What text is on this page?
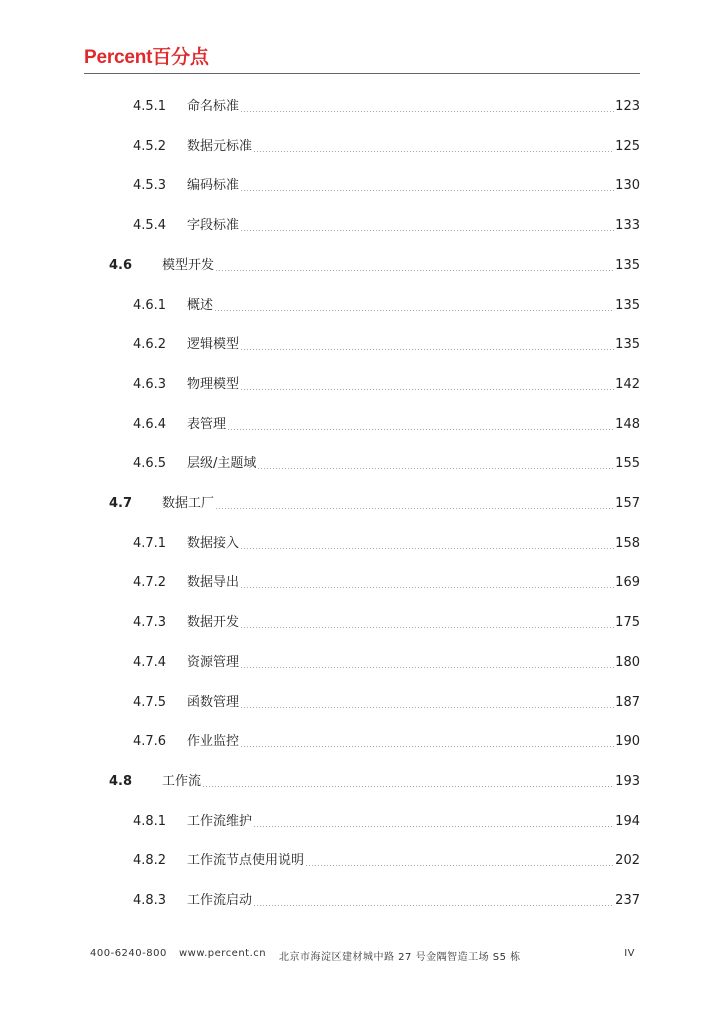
Percent百分点
4.5.1 命名标准	123
4.5.2 数据元标准	125
4.5.3 编码标准	130
4.5.4 字段标准	133
4.6 模型开发	135
4.6.1 概述	135
4.6.2 逻辑模型	135
4.6.3 物理模型	142
4.6.4 表管理	148
4.6.5 层级/主题域	155
4.7 数据工厂	157
4.7.1 数据接入	158
4.7.2 数据导出	169
4.7.3 数据开发	175
4.7.4 资源管理	180
4.7.5 函数管理	187
4.7.6 作业监控	190
4.8 工作流	193
4.8.1 工作流维护	194
4.8.2 工作流节点使用说明	202
4.8.3 工作流启动	237
400-6240-800 www.percent.cn 北京市海淀区建材城中路 27 号金隅智造工场 S5 栋	IV
